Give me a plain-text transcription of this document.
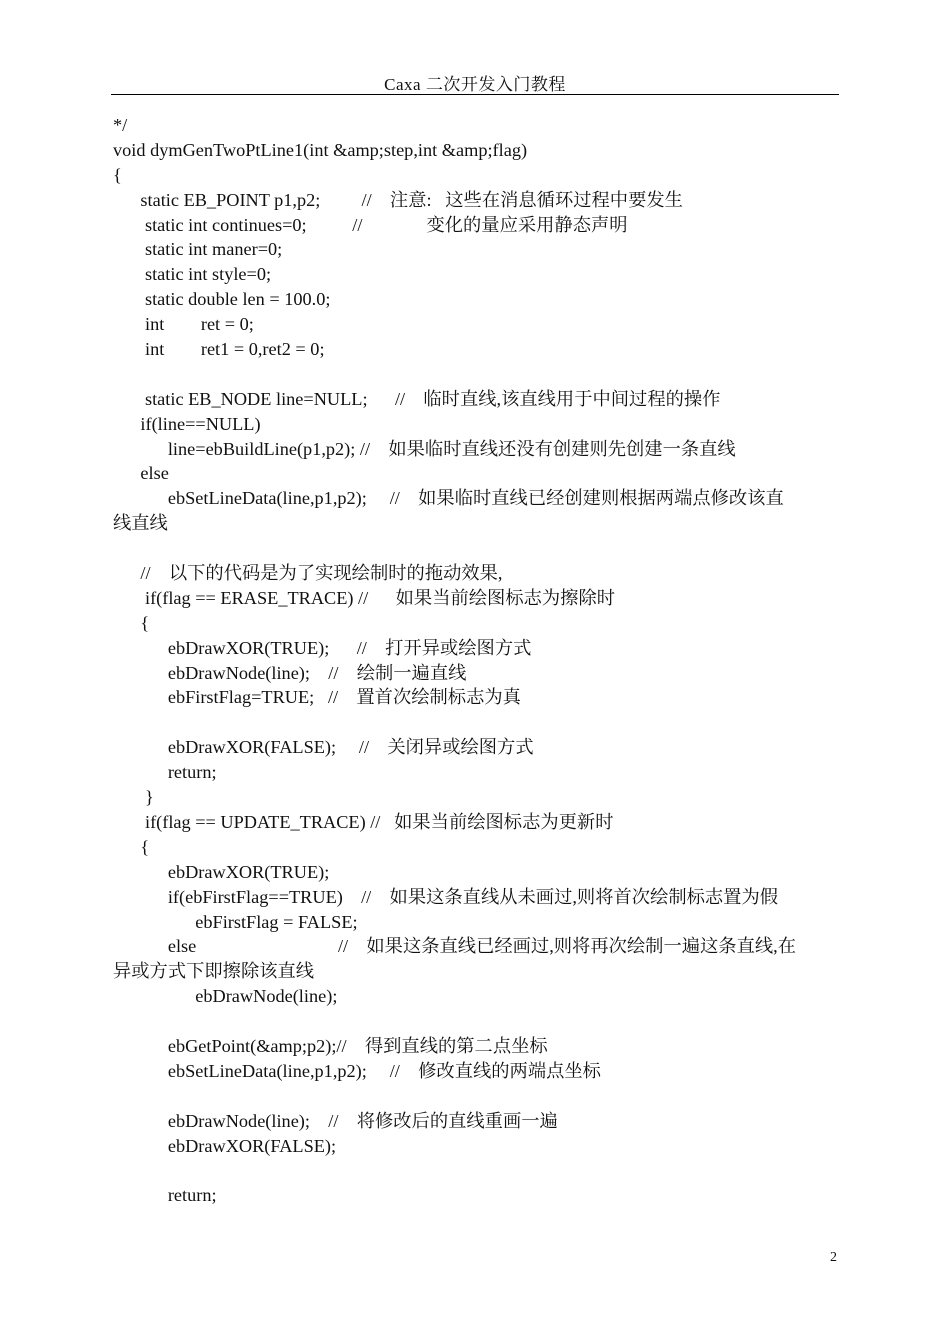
Caxa 二次开发入门教程
*/
void dymGenTwoPtLine1(int &amp;step,int &amp;flag)
{
static EB_POINT p1,p2;         //    注意:   这些在消息循环过程中要发生
static int continues=0;          //              变化的量应采用静态声明
static int maner=0;
static int style=0;
static double len = 100.0;
int        ret = 0;
int        ret1 = 0,ret2 = 0;
static EB_NODE line=NULL;      //    临时直线,该直线用于中间过程的操作
if(line==NULL)
line=ebBuildLine(p1,p2); //    如果临时直线还没有创建则先创建一条直线
else
ebSetLineData(line,p1,p2);     //    如果临时直线已经创建则根据两端点修改该直
线直线
//    以下的代码是为了实现绘制时的拖动效果,
if(flag == ERASE_TRACE) //      如果当前绘图标志为擦除时
{
ebDrawXOR(TRUE);      //    打开异或绘图方式
ebDrawNode(line);    //    绘制一遍直线
ebFirstFlag=TRUE;   //    置首次绘制标志为真
ebDrawXOR(FALSE);     //    关闭异或绘图方式
return;
}
if(flag == UPDATE_TRACE) //   如果当前绘图标志为更新时
{
ebDrawXOR(TRUE);
if(ebFirstFlag==TRUE)    //    如果这条直线从未画过,则将首次绘制标志置为假
ebFirstFlag = FALSE;
else                               //    如果这条直线已经画过,则将再次绘制一遍这条直线,在
异或方式下即擦除该直线
ebDrawNode(line);
ebGetPoint(&amp;p2);//    得到直线的第二点坐标
ebSetLineData(line,p1,p2);     //    修改直线的两端点坐标
ebDrawNode(line);    //    将修改后的直线重画一遍
ebDrawXOR(FALSE);
return;
2
